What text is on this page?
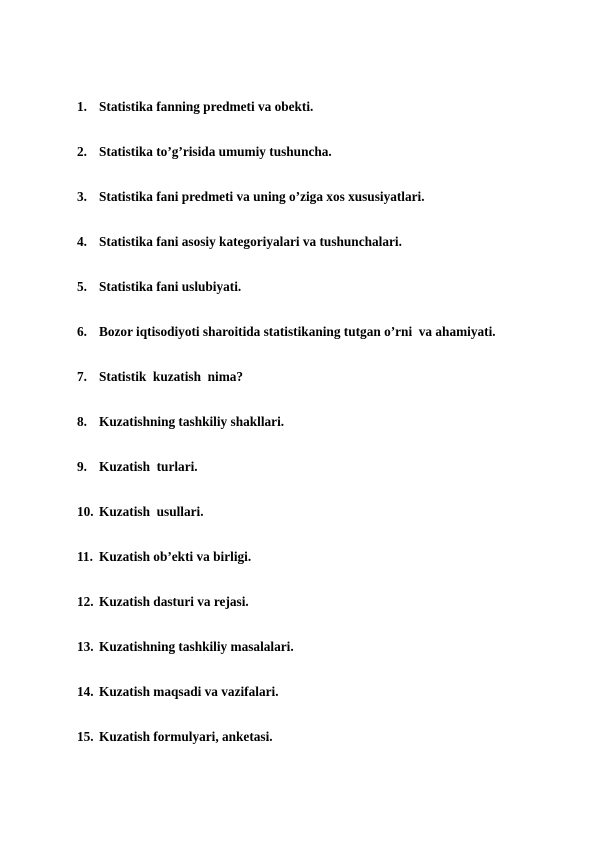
1. Statistika fanning predmeti va obekti.
2. Statistika to’g’risida umumiy tushuncha.
3. Statistika fani predmeti va uning o’ziga xos xususiyatlari.
4. Statistika fani asosiy kategoriyalari va tushunchalari.
5. Statistika fani uslubiyati.
6. Bozor iqtisodiyoti sharoitida statistikaning tutgan o’rni  va ahamiyati.
7. Statistik  kuzatish  nima?
8. Kuzatishning tashkiliy shakllari.
9. Kuzatish  turlari.
10. Kuzatish  usullari.
11. Kuzatish ob’ekti va birligi.
12. Kuzatish dasturi va rejasi.
13. Kuzatishning tashkiliy masalalari.
14. Kuzatish maqsadi va vazifalari.
15. Kuzatish formulyari, anketasi.
